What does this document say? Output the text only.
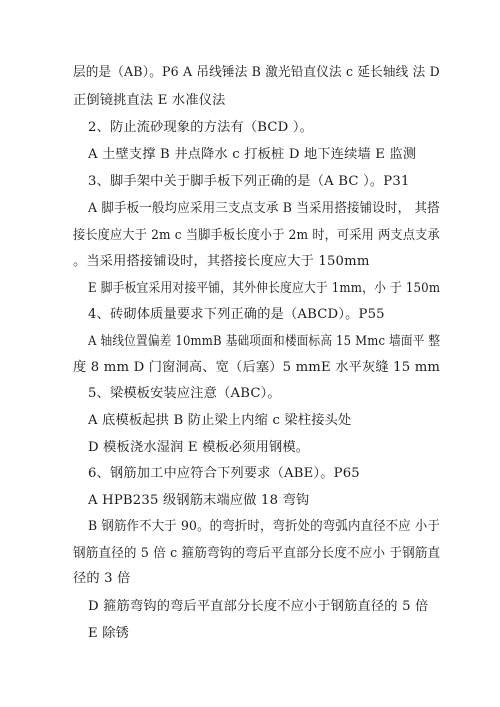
层的是（AB）。P6 A 吊线锤法 B 激光铅直仪法 c 延长轴线 法 D
正倒镜挑直法 E 水准仪法
2、防止流砂现象的方法有（BCD ）。
A 土壁支撑 B 井点降水 c 打板桩 D 地下连续墙 E 监测
3、脚手架中关于脚手板下列正确的是（A BC ）。P31
A 脚手板一般均应采用三支点支承 B 当采用搭接铺设时， 其搭
接长度应大于 2m c 当脚手板长度小于 2m 时，可采用 两支点支承
。当采用搭接铺设时，其搭接长度应大于 150mm
E 脚手板宜采用对接平铺，其外伸长度应大于 1mm，小 于 150m
4、砖砌体质量要求下列正确的是（ABCD）。P55
A 轴线位置偏差 10mmB 基础项面和楼面标高 15 Mmc 墙面平 整
度 8 mm D 门窗洞高、宽（后塞）5 mmE 水平灰缝 15 mm
5、梁模板安装应注意（ABC）。
A 底模板起拱 B 防止梁上内缩 c 梁柱接头处
D 模板浇水湿润 E 模板必须用钢模。
6、钢筋加工中应符合下列要求（ABE）。P65
A HPB235 级钢筋末端应做 18 弯钩
B 钢筋作不大于 90。的弯折时，弯折处的弯弧内直径不应 小于
钢筋直径的 5 倍 c 箍筋弯钩的弯后平直部分长度不应小 于钢筋直
径的 3 倍
D 箍筋弯钩的弯后平直部分长度不应小于钢筋直径的 5 倍
E 除锈
